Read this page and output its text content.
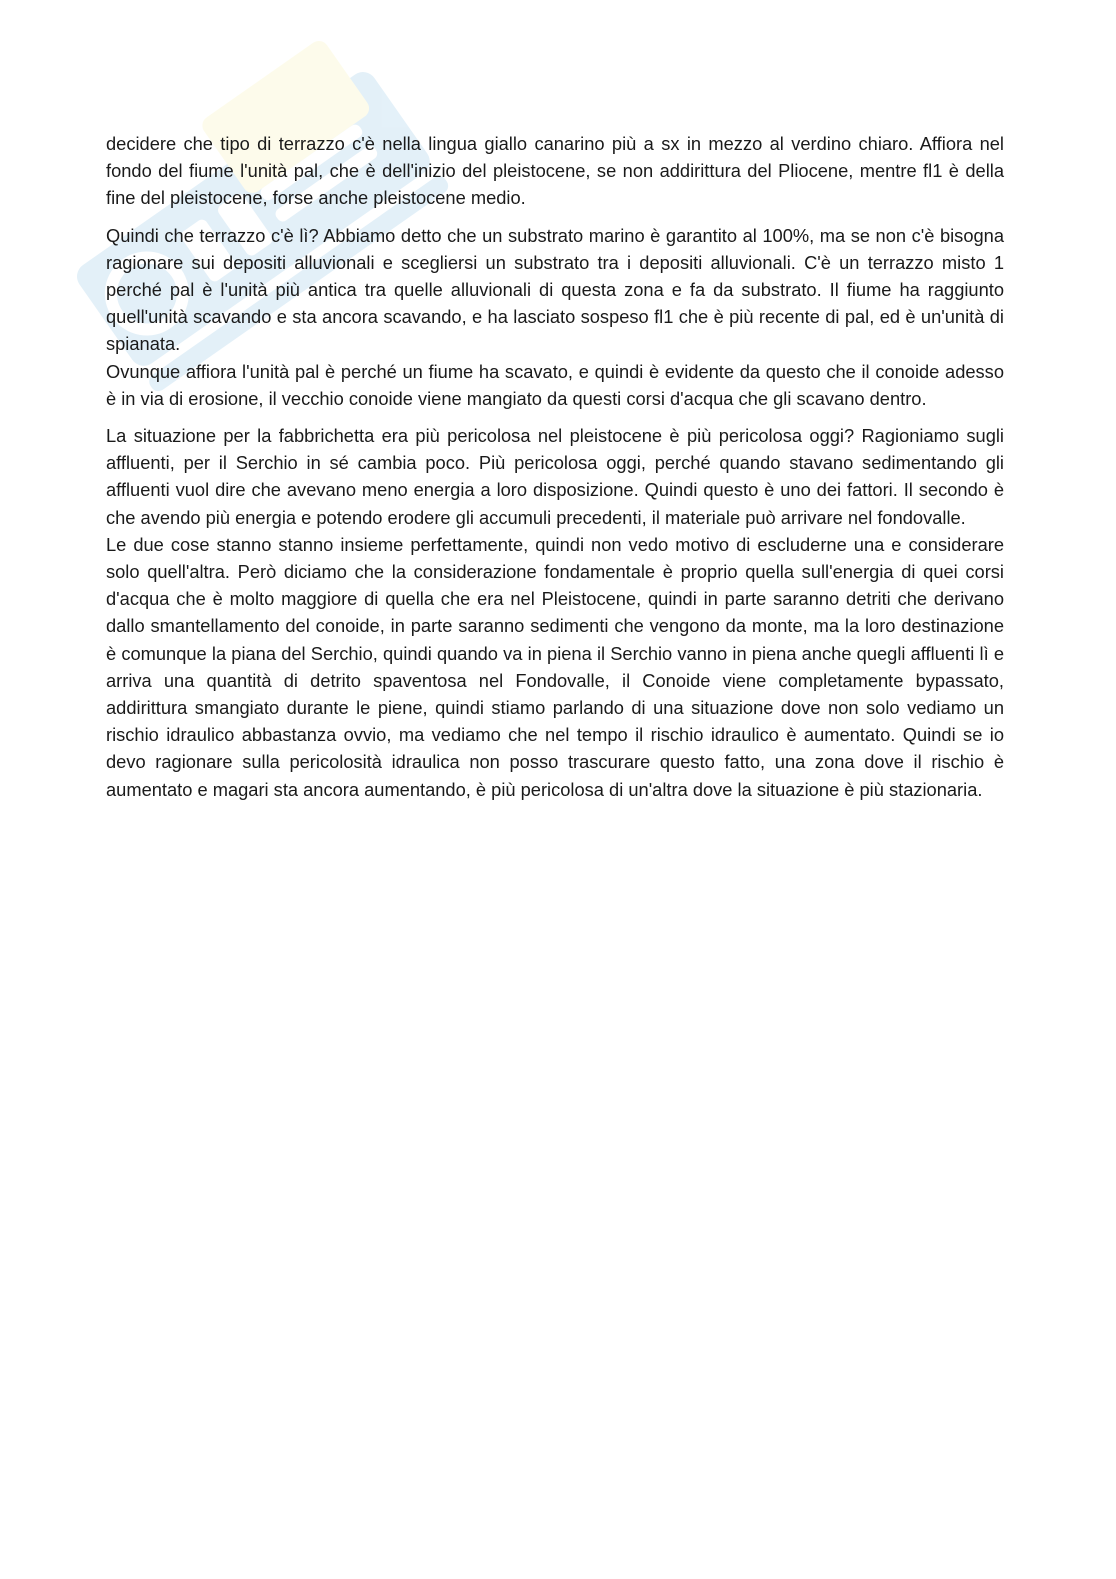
decidere che tipo di terrazzo c'è nella lingua giallo canarino più a sx in mezzo al verdino chiaro. Affiora nel fondo del fiume l'unità pal, che è dell'inizio del pleistocene, se non addirittura del Pliocene, mentre fl1 è della fine del pleistocene, forse anche pleistocene medio.

Quindi che terrazzo c'è lì? Abbiamo detto che un substrato marino è garantito al 100%, ma se non c'è bisogna ragionare sui depositi alluvionali e scegliersi un substrato tra i depositi alluvionali. C'è un terrazzo misto 1 perché pal è l'unità più antica tra quelle alluvionali di questa zona e fa da substrato. Il fiume ha raggiunto quell'unità scavando e sta ancora scavando, e ha lasciato sospeso fl1 che è più recente di pal, ed è un'unità di spianata.

Ovunque affiora l'unità pal è perché un fiume ha scavato, e quindi è evidente da questo che il conoide adesso è in via di erosione, il vecchio conoide viene mangiato da questi corsi d'acqua che gli scavano dentro.

La situazione per la fabbrichetta era più pericolosa nel pleistocene è più pericolosa oggi? Ragioniamo sugli affluenti, per il Serchio in sé cambia poco. Più pericolosa oggi, perché quando stavano sedimentando gli affluenti vuol dire che avevano meno energia a loro disposizione. Quindi questo è uno dei fattori. Il secondo è che avendo più energia e potendo erodere gli accumuli precedenti, il materiale può arrivare nel fondovalle.

Le due cose stanno stanno insieme perfettamente, quindi non vedo motivo di escluderne una e considerare solo quell'altra. Però diciamo che la considerazione fondamentale è proprio quella sull'energia di quei corsi d'acqua che è molto maggiore di quella che era nel Pleistocene, quindi in parte saranno detriti che derivano dallo smantellamento del conoide, in parte saranno sedimenti che vengono da monte, ma la loro destinazione è comunque la piana del Serchio, quindi quando va in piena il Serchio vanno in piena anche quegli affluenti lì e arriva una quantità di detrito spaventosa nel Fondovalle, il Conoide viene completamente bypassato, addirittura smangiato durante le piene, quindi stiamo parlando di una situazione dove non solo vediamo un rischio idraulico abbastanza ovvio, ma vediamo che nel tempo il rischio idraulico è aumentato. Quindi se io devo ragionare sulla pericolosità idraulica non posso trascurare questo fatto, una zona dove il rischio è aumentato e magari sta ancora aumentando, è più pericolosa di un'altra dove la situazione è più stazionaria.
